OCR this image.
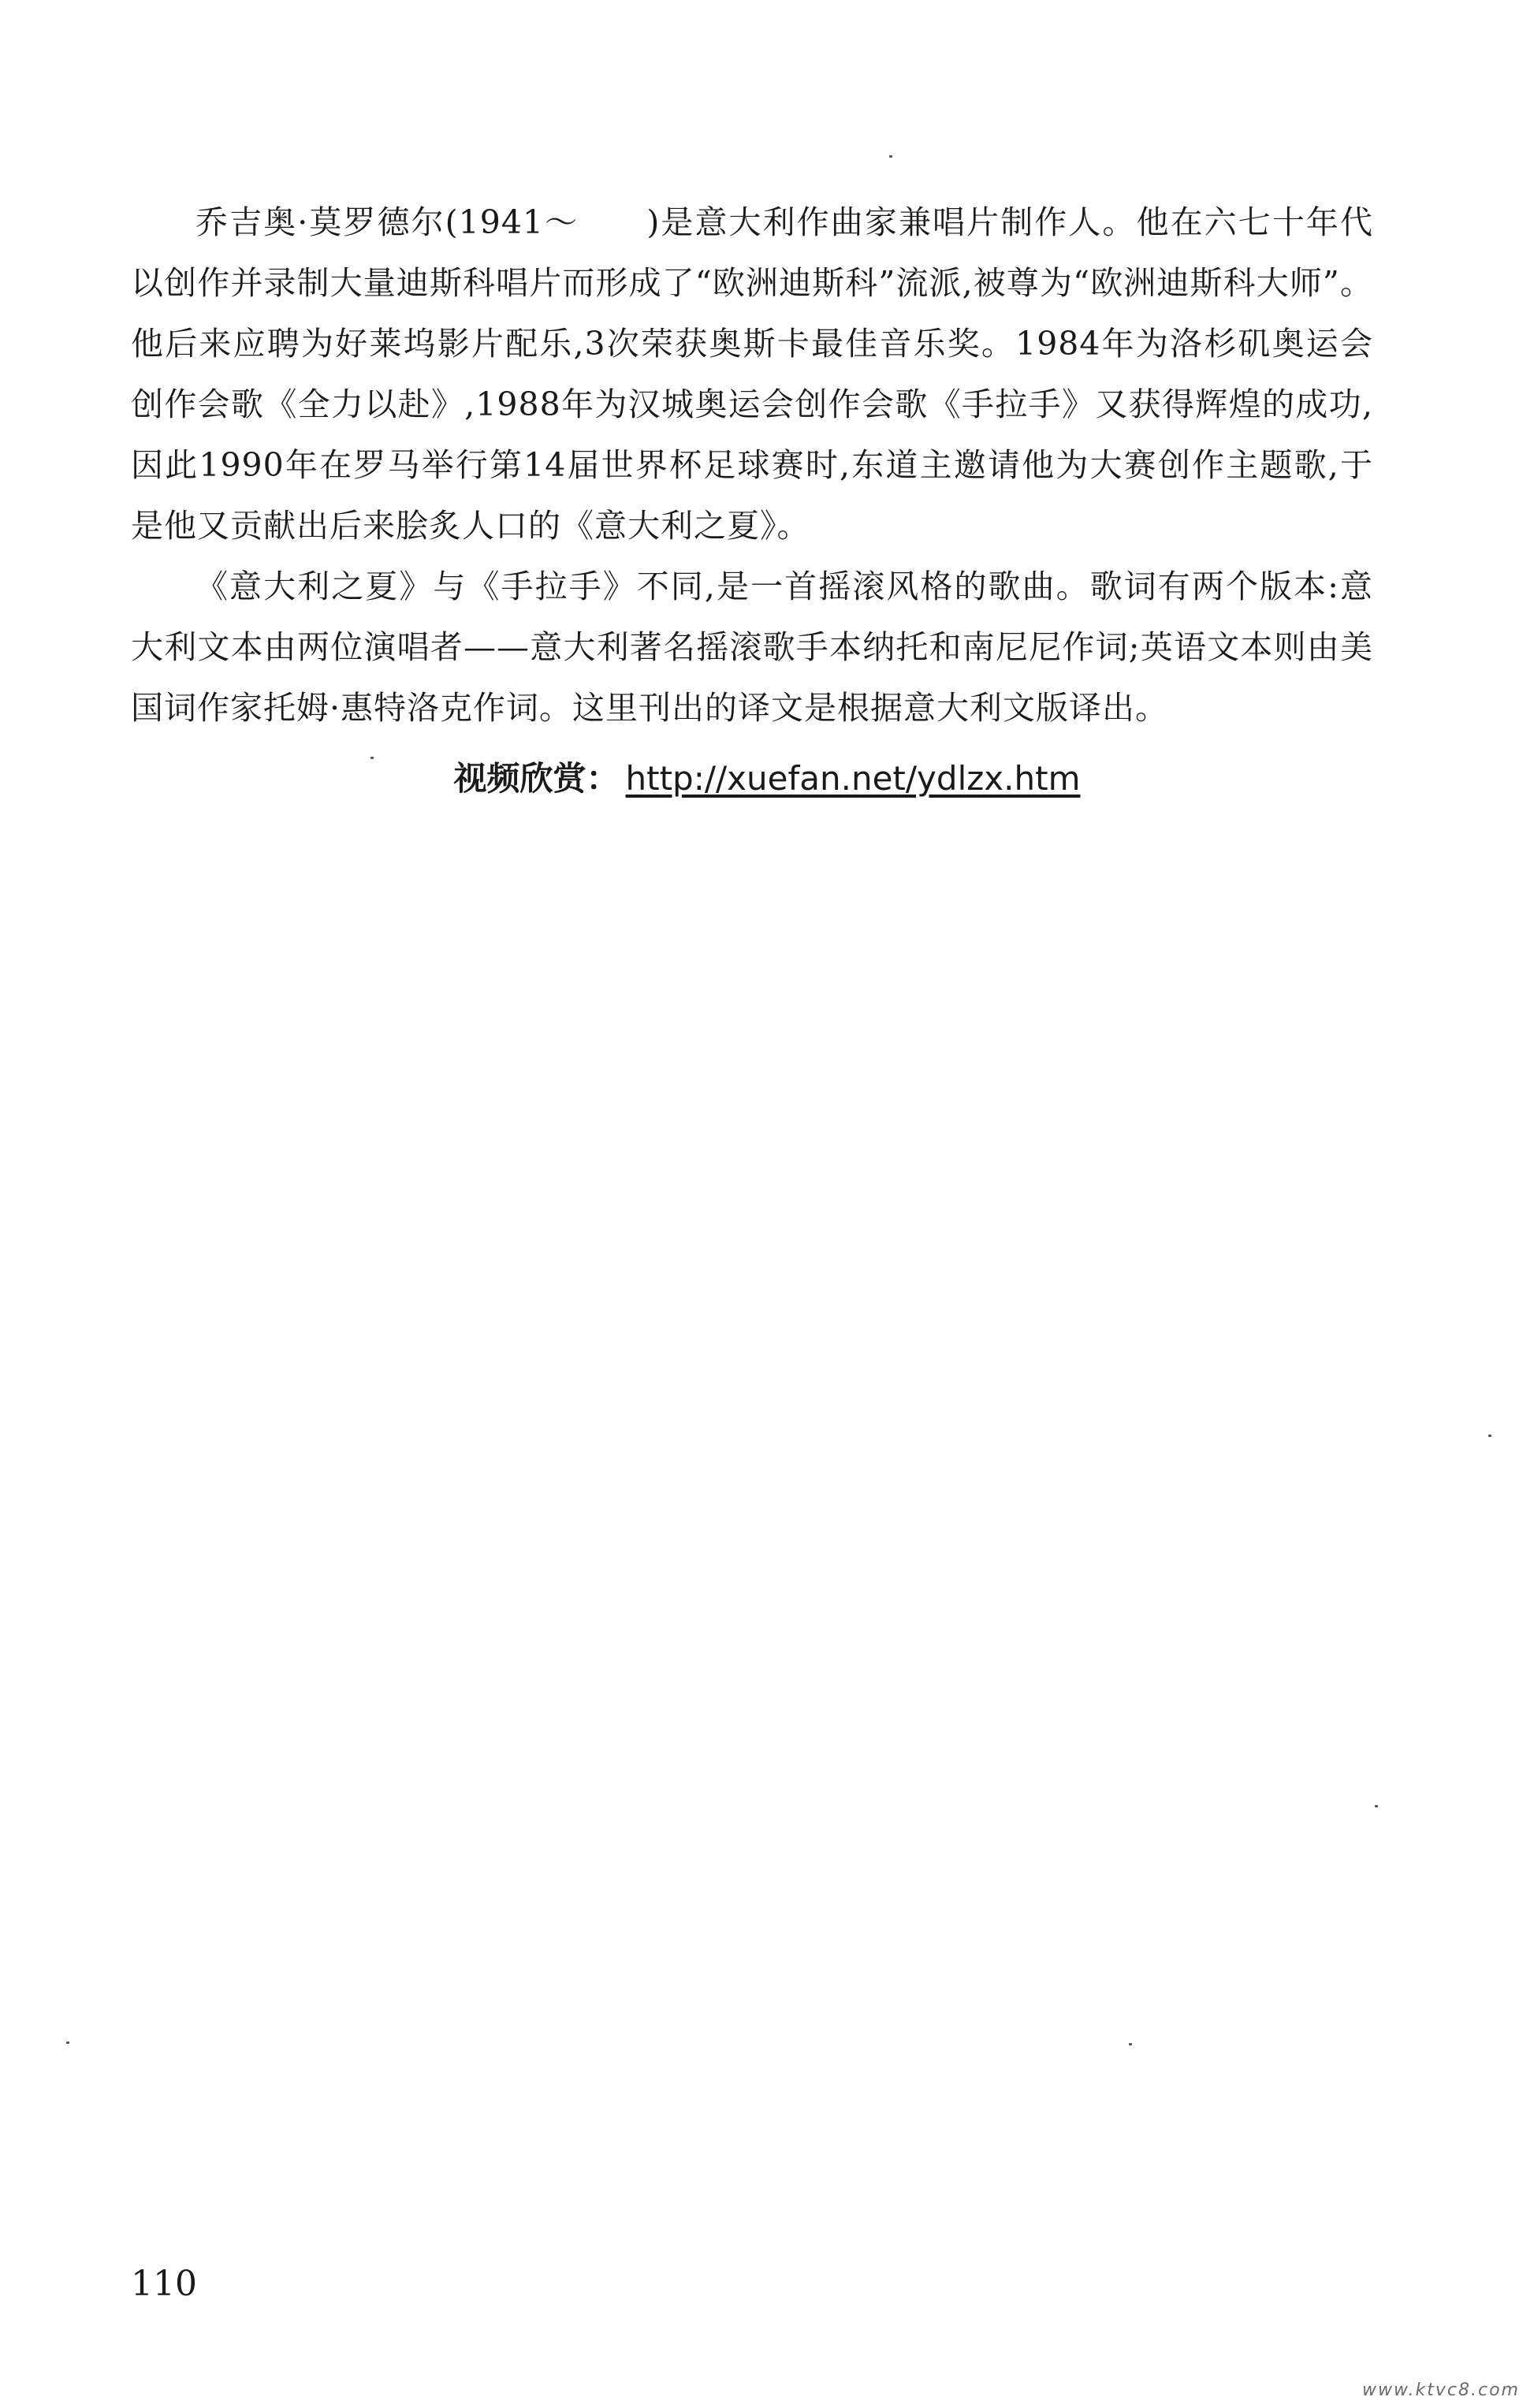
乔吉奥·莫罗德尔(1941～　　)是意大利作曲家兼唱片制作人。他在六七十年代以创作并录制大量迪斯科唱片而形成了“欧洲迪斯科”流派,被尊为“欧洲迪斯科大师”。他后来应聘为好莱坞影片配乐,3次荣获奥斯卡最佳音乐奖。1984年为洛杉矶奥运会创作会歌《全力以赴》,1988年为汉城奥运会创作会歌《手拉手》又获得辉煌的成功,因此1990年在罗马举行第14届世界杯足球赛时,东道主邀请他为大赛创作主题歌,于是他又贡献出后来脍炙人口的《意大利之夏》。

《意大利之夏》与《手拉手》不同,是一首摇滚风格的歌曲。歌词有两个版本:意大利文本由两位演唱者——意大利著名摇滚歌手本纳托和南尼尼作词;英语文本则由美国词作家托姆·惠特洛克作词。这里刊出的译文是根据意大利文版译出。

视频欣赏： http://xuefan.net/ydlzx.htm
110
www.ktvc8.com
